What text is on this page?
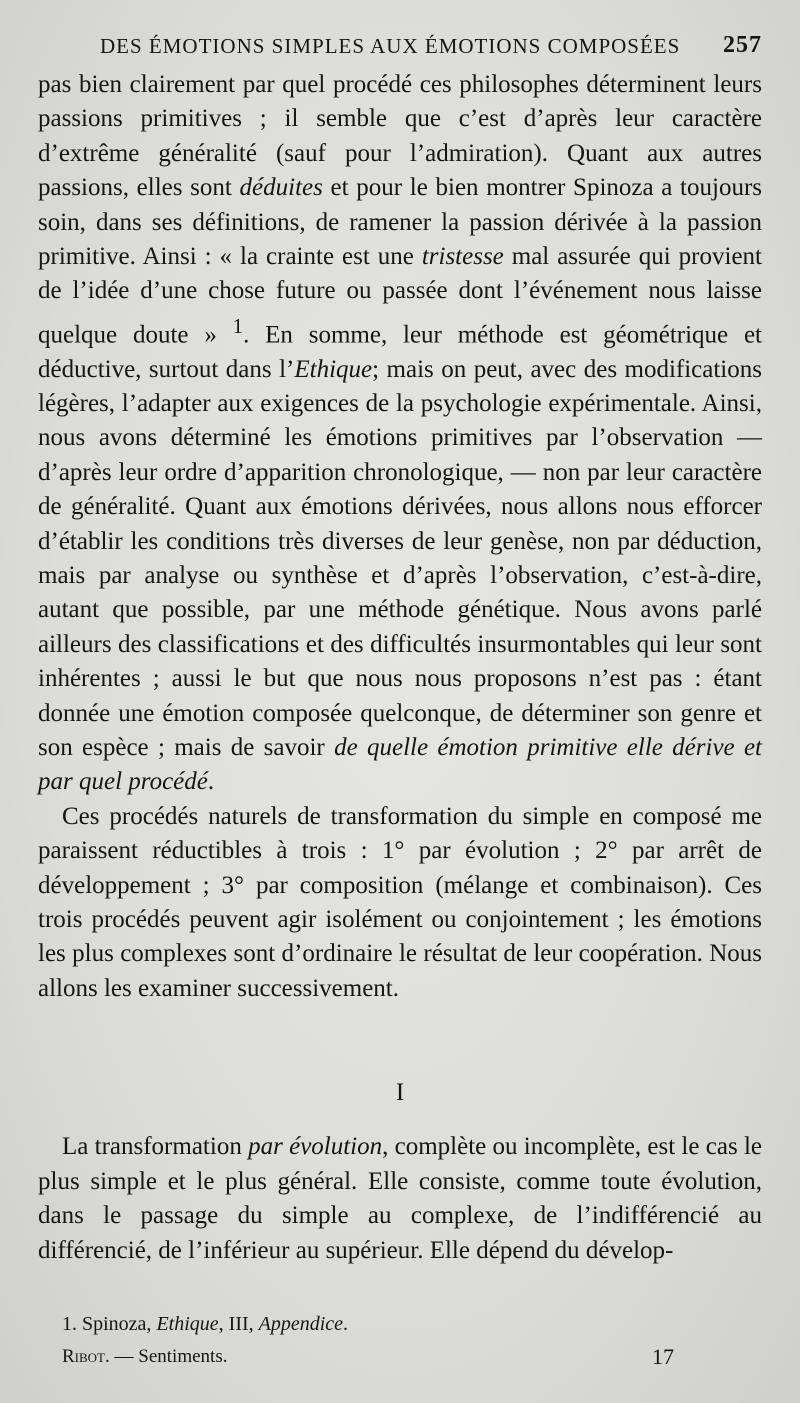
DES ÉMOTIONS SIMPLES AUX ÉMOTIONS COMPOSÉES 257

pas bien clairement par quel procédé ces philosophes déterminent leurs passions primitives ; il semble que c’est d’après leur caractère d’extrême généralité (sauf pour l’admiration). Quant aux autres passions, elles sont déduites et pour le bien montrer Spinoza a toujours soin, dans ses définitions, de ramener la passion dérivée à la passion primitive. Ainsi : « la crainte est une tristesse mal assurée qui provient de l’idée d’une chose future ou passée dont l’événement nous laisse quelque doute » $^1$. En somme, leur méthode est géométrique et déductive, surtout dans l’Ethique; mais on peut, avec des modifications légères, l’adapter aux exigences de la psychologie expérimentale. Ainsi, nous avons déterminé les émotions primitives par l’observation — d’après leur ordre d’apparition chronologique, — non par leur caractère de généralité. Quant aux émotions dérivées, nous allons nous efforcer d’établir les conditions très diverses de leur genèse, non par déduction, mais par analyse ou synthèse et d’après l’observation, c’est-à-dire, autant que possible, par une méthode génétique. Nous avons parlé ailleurs des classifications et des difficultés insurmontables qui leur sont inhérentes ; aussi le but que nous nous proposons n’est pas : étant donnée une émotion composée quelconque, de déterminer son genre et son espèce ; mais de savoir de quelle émotion primitive elle dérive et par quel procédé.

Ces procédés naturels de transformation du simple en composé me paraissent réductibles à trois : 1° par évolution ; 2° par arrêt de développement ; 3° par composition (mélange et combinaison). Ces trois procédés peuvent agir isolément ou conjointement ; les émotions les plus complexes sont d’ordinaire le résultat de leur coopération. Nous allons les examiner successivement.

I

La transformation par évolution, complète ou incomplète, est le cas le plus simple et le plus général. Elle consiste, comme toute évolution, dans le passage du simple au complexe, de l’indifférencié au différencié, de l’inférieur au supérieur. Elle dépend du dévelop-

1. Spinoza, Ethique, III, Appendice.
Ribot. — Sentiments.	17
